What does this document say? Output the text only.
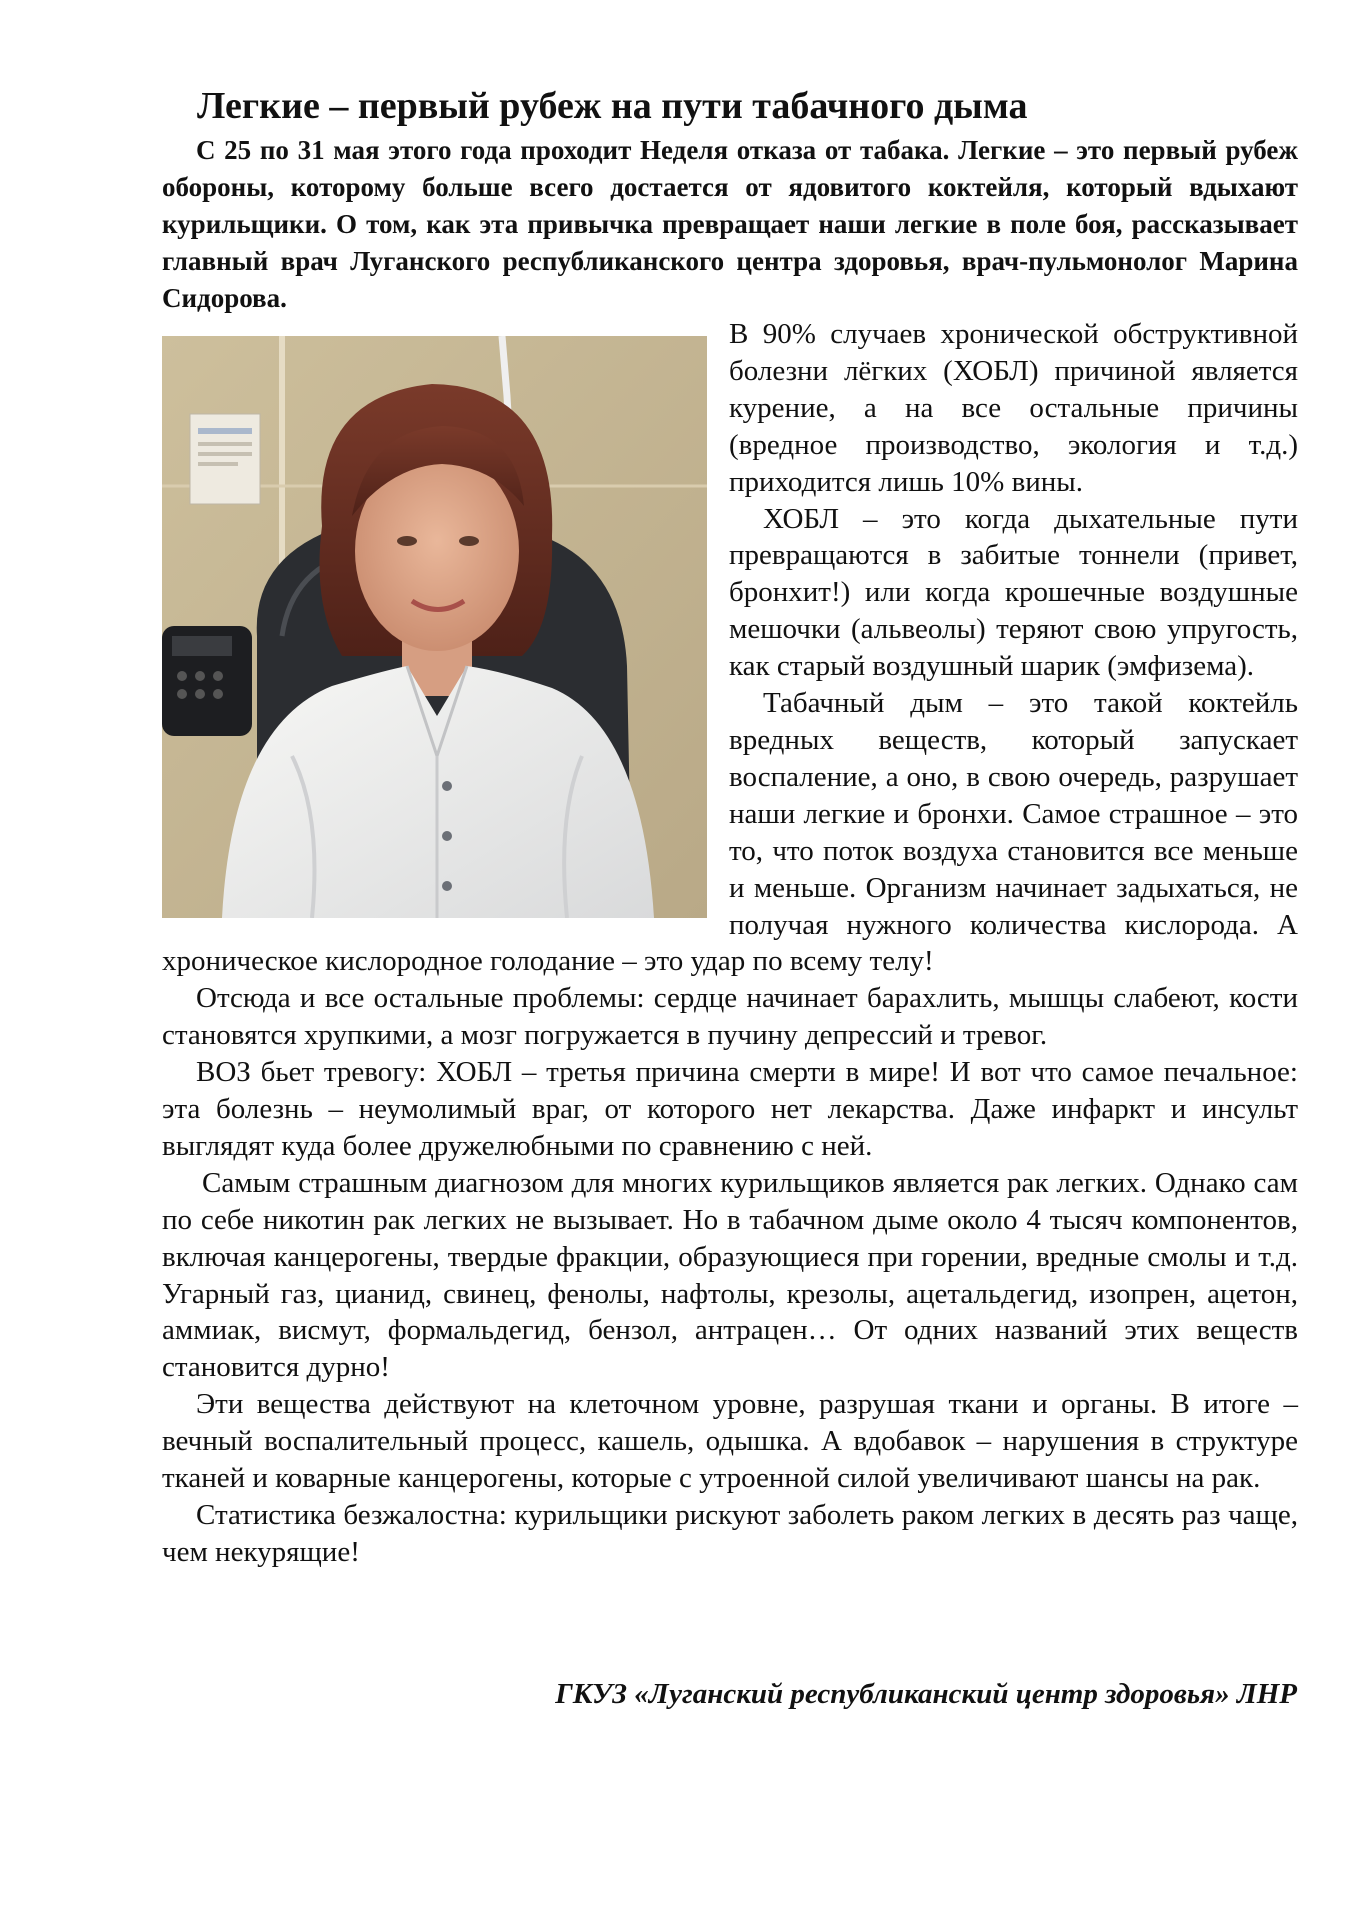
Легкие – первый рубеж на пути табачного дыма

С 25 по 31 мая этого года проходит Неделя отказа от табака. Легкие – это первый рубеж обороны, которому больше всего достается от ядовитого коктейля, который вдыхают курильщики. О том, как эта привычка превращает наши легкие в поле боя, рассказывает главный врач Луганского республиканского центра здоровья, врач-пульмонолог Марина Сидорова.

В 90% случаев хронической обструктивной болезни лёгких (ХОБЛ) причиной является курение, а на все остальные причины (вредное производство, экология и т.д.) приходится лишь 10% вины.

ХОБЛ – это когда дыхательные пути превращаются в забитые тоннели (привет, бронхит!) или когда крошечные воздушные мешочки (альвеолы) теряют свою упругость, как старый воздушный шарик (эмфизема).

Табачный дым – это такой коктейль вредных веществ, который запускает воспаление, а оно, в свою очередь, разрушает наши легкие и бронхи. Самое страшное – это то, что поток воздуха становится все меньше и меньше. Организм начинает задыхаться, не получая нужного количества кислорода. А хроническое кислородное голодание – это удар по всему телу!

Отсюда и все остальные проблемы: сердце начинает барахлить, мышцы слабеют, кости становятся хрупкими, а мозг погружается в пучину депрессий и тревог.

ВОЗ бьет тревогу: ХОБЛ – третья причина смерти в мире! И вот что самое печальное: эта болезнь – неумолимый враг, от которого нет лекарства. Даже инфаркт и инсульт выглядят куда более дружелюбными по сравнению с ней.

Самым страшным диагнозом для многих курильщиков является рак легких. Однако сам по себе никотин рак легких не вызывает. Но в табачном дыме около 4 тысяч компонентов, включая канцерогены, твердые фракции, образующиеся при горении, вредные смолы и т.д. Угарный газ, цианид, свинец, фенолы, нафтолы, крезолы, ацетальдегид, изопрен, ацетон, аммиак, висмут, формальдегид, бензол, антрацен… От одних названий этих веществ становится дурно!

Эти вещества действуют на клеточном уровне, разрушая ткани и органы. В итоге – вечный воспалительный процесс, кашель, одышка. А вдобавок – нарушения в структуре тканей и коварные канцерогены, которые с утроенной силой увеличивают шансы на рак.

Статистика безжалостна: курильщики рискуют заболеть раком легких в десять раз чаще, чем некурящие!

ГКУЗ «Луганский республиканский центр здоровья» ЛНР
